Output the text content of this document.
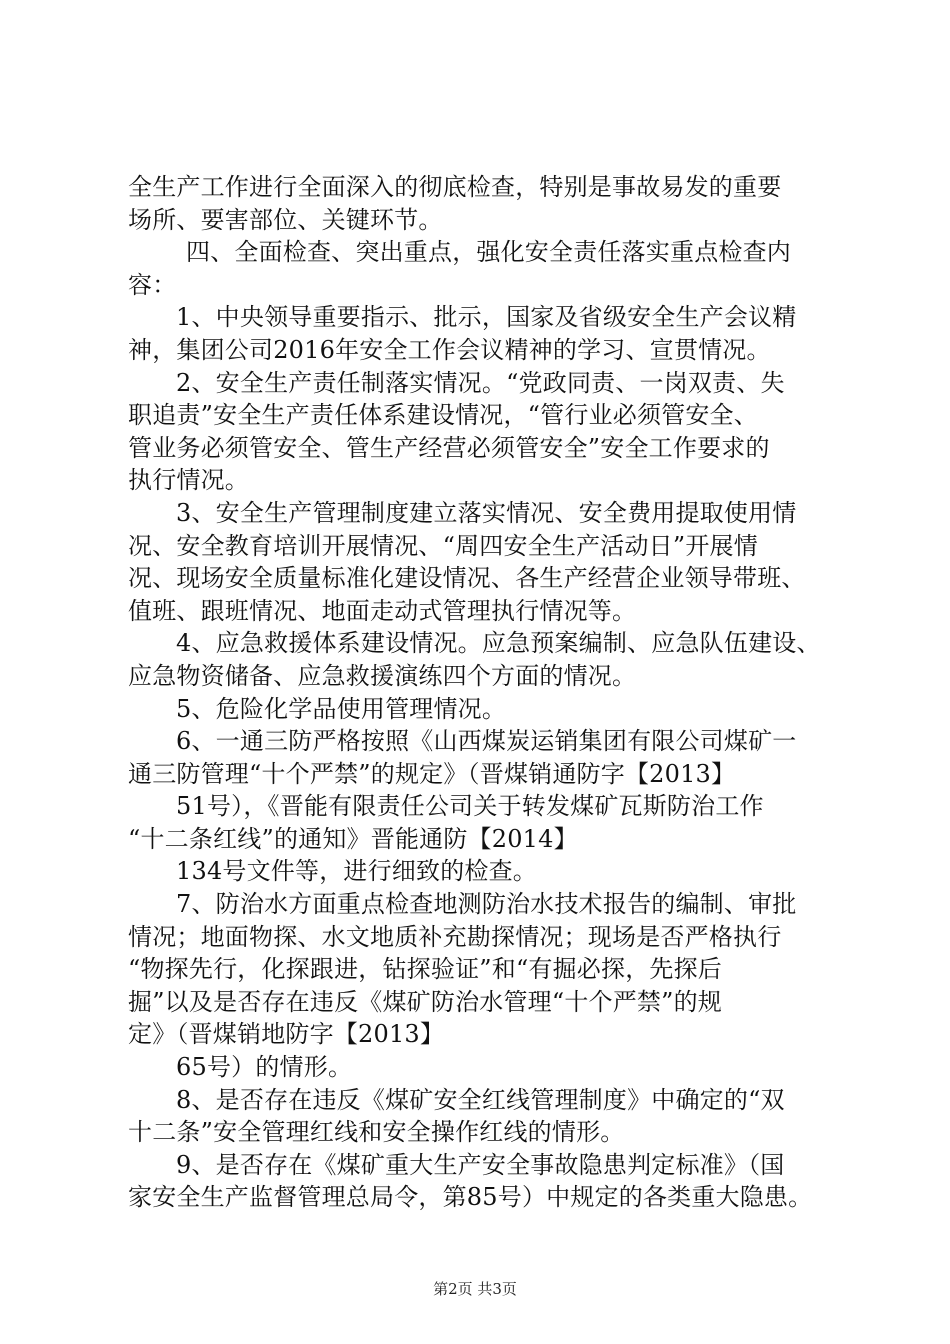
全生产工作进行全面深入的彻底检查，特别是事故易发的重要
场所、要害部位、关键环节。
四、全面检查、突出重点，强化安全责任落实重点检查内
容：
1、中央领导重要指示、批示，国家及省级安全生产会议精
神，集团公司2016年安全工作会议精神的学习、宣贯情况。
2、安全生产责任制落实情况。“党政同责、一岗双责、失
职追责”安全生产责任体系建设情况，“管行业必须管安全、
管业务必须管安全、管生产经营必须管安全”安全工作要求的
执行情况。
3、安全生产管理制度建立落实情况、安全费用提取使用情
况、安全教育培训开展情况、“周四安全生产活动日”开展情
况、现场安全质量标准化建设情况、各生产经营企业领导带班、
值班、跟班情况、地面走动式管理执行情况等。
4、应急救援体系建设情况。应急预案编制、应急队伍建设、
应急物资储备、应急救援演练四个方面的情况。
5、危险化学品使用管理情况。
6、一通三防严格按照《山西煤炭运销集团有限公司煤矿一
通三防管理“十个严禁”的规定》（晋煤销通防字【2013】
51号），《晋能有限责任公司关于转发煤矿瓦斯防治工作
“十二条红线”的通知》晋能通防【2014】
134号文件等，进行细致的检查。
7、防治水方面重点检查地测防治水技术报告的编制、审批
情况；地面物探、水文地质补充勘探情况；现场是否严格执行
“物探先行，化探跟进，钻探验证”和“有掘必探，先探后
掘”以及是否存在违反《煤矿防治水管理“十个严禁”的规
定》（晋煤销地防字【2013】
65号）的情形。
8、是否存在违反《煤矿安全红线管理制度》中确定的“双
十二条”安全管理红线和安全操作红线的情形。
9、是否存在《煤矿重大生产安全事故隐患判定标准》（国
家安全生产监督管理总局令，第85号）中规定的各类重大隐患。
第2页 共3页
